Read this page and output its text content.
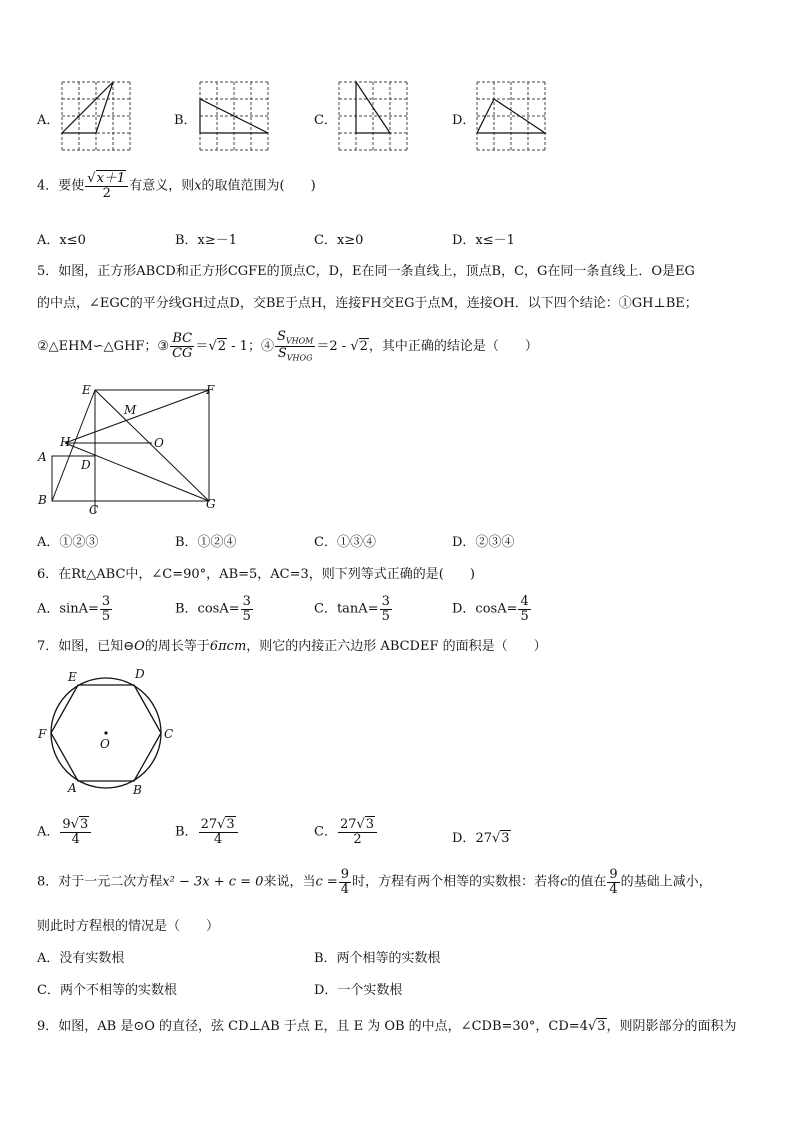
A．	B．	C．	D．
4．要使 $\frac{√x+1}{2}$ 有意义，则x的取值范围为(　　)
A．x≤0	B．x≥－1	C．x≥0	D．x≤－1
5．如图，正方形ABCD和正方形CGFE的顶点C，D，E在同一条直线上，顶点B，C，G在同一条直线上．O是EG
的中点，∠EGC的平分线GH过点D，交BE于点H，连接FH交EG于点M，连接OH．以下四个结论：①GH⊥BE；
②△EHM∽△GHF；③ $\frac{BC}{CG} =√2 - 1$；④ $\frac{S_{VHOM}}{S_{VHOG}} =2 - √2$，其中正确的结论是（　　）
E	F
M
H	O
A
D
B
C	G
A．①②③	B．①②④	C．①③④	D．②③④
6．在Rt△ABC中，∠C=90°，AB=5，AC=3，则下列等式正确的是(　　)
A．$\sin A= \frac{3}{5}$	B．$\cos A= \frac{3}{5}$	C．$\tan A= \frac{3}{5}$	D．$\cos A= \frac{4}{5}$
7．如图，已知⊖O的周长等于6πcm，则它的内接正六边形 ABCDEF 的面积是（　　）
D
E
F	C
O
A	B
A． $\frac{9√3}{4}$	B． $\frac{27√3}{4}$	C． $\frac{27√3}{2}$	D．27√3
8．对于一元二次方程x² − 3x + c = 0来说，当$c = \frac{9}{4}$ 时，方程有两个相等的实数根：若将c的值在 $\frac{9}{4}$ 的基础上减小，
则此时方程根的情况是（　　）
A．没有实数根	B．两个相等的实数根
C．两个不相等的实数根	D．一个实数根
9．如图，AB 是⊙O 的直径，弦 CD⊥AB 于点 E，且 E 为 OB 的中点，∠CDB=30°，CD=4√3，则阴影部分的面积为
